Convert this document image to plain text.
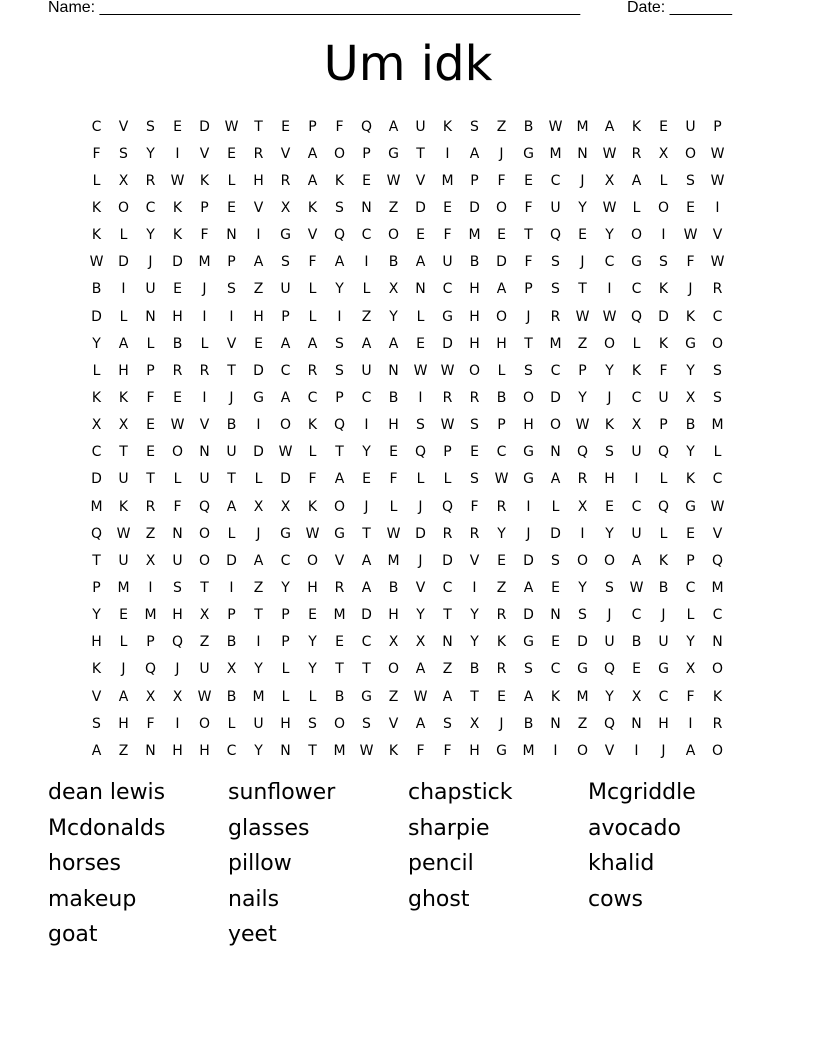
Name: ______________________________________________________

	Date: _______

Um idk
C	V	S	E	D	W	T	E	P	F	Q	A	U	K	S	Z	B	W	M	A	K	E	U	P
F	S	Y	I	V	E	R	V	A	O	P	G	T	I	A	J	G	M	N	W	R	X	O	W
L	X	R	W	K	L	H	R	A	K	E	W	V	M	P	F	E	C	J	X	A	L	S	W
K	O	C	K	P	E	V	X	K	S	N	Z	D	E	D	O	F	U	Y	W	L	O	E	I
K	L	Y	K	F	N	I	G	V	Q	C	O	E	F	M	E	T	Q	E	Y	O	I	W	V
W	D	J	D	M	P	A	S	F	A	I	B	A	U	B	D	F	S	J	C	G	S	F	W
B	I	U	E	J	S	Z	U	L	Y	L	X	N	C	H	A	P	S	T	I	C	K	J	R
D	L	N	H	I	I	H	P	L	I	Z	Y	L	G	H	O	J	R	W W	Q	D	K	C
Y	A	L	B	L	V	E	A	A	S	A	A	E	D	H	H	T	M	Z	O	L	K	G	O
L	H	P	R	R	T	D	C	R	S	U	N	W W	O	L	S	C	P	Y	K	F	Y	S
K	K	F	E	I	J	G	A	C	P	C	B	I	R	R	B	O	D	Y	J	C	U	X	S
X	X	E	W	V	B	I	O	K	Q	I	H	S	W	S	P	H	O	W	K	X	P	B	M
C	T	E	O	N	U	D	W	L	T	Y	E	Q	P	E	C	G	N	Q	S	U	Q	Y	L
D	U	T	L	U	T	L	D	F	A	E	F	L	L	S	W	G	A	R	H	I	L	K	C
M	K	R	F	Q	A	X	X	K	O	J	L	J	Q	F	R	I	L	X	E	C	Q	G	W
Q	W	Z	N	O	L	J	G	W	G	T	W	D	R	R	Y	J	D	I	Y	U	L	E	V
T	U	X	U	O	D	A	C	O	V	A	M	J	D	V	E	D	S	O	O	A	K	P	Q
P	M	I	S	T	I	Z	Y	H	R	A	B	V	C	I	Z	A	E	Y	S	W	B	C	M
Y	E	M	H	X	P	T	P	E	M	D	H	Y	T	Y	R	D	N	S	J	C	J	L	C
H	L	P	Q	Z	B	I	P	Y	E	C	X	X	N	Y	K	G	E	D	U	B	U	Y	N
K	J	Q	J	U	X	Y	L	Y	T	T	O	A	Z	B	R	S	C	G	Q	E	G	X	O
V	A	X	X	W	B	M	L	L	B	G	Z	W	A	T	E	A	K	M	Y	X	C	F	K
S	H	F	I	O	L	U	H	S	O	S	V	A	S	X	J	B	N	Z	Q	N	H	I	R
A	Z	N	H	H	C	Y	N	T	M	W	K	F	F	H	G	M	I	O	V	I	J	A	O
dean lewis	sunflower	chapstick	Mcgriddle
Mcdonalds	glasses	sharpie	avocado
horses	pillow	pencil	khalid
makeup	nails	ghost	cows
goat	yeet
